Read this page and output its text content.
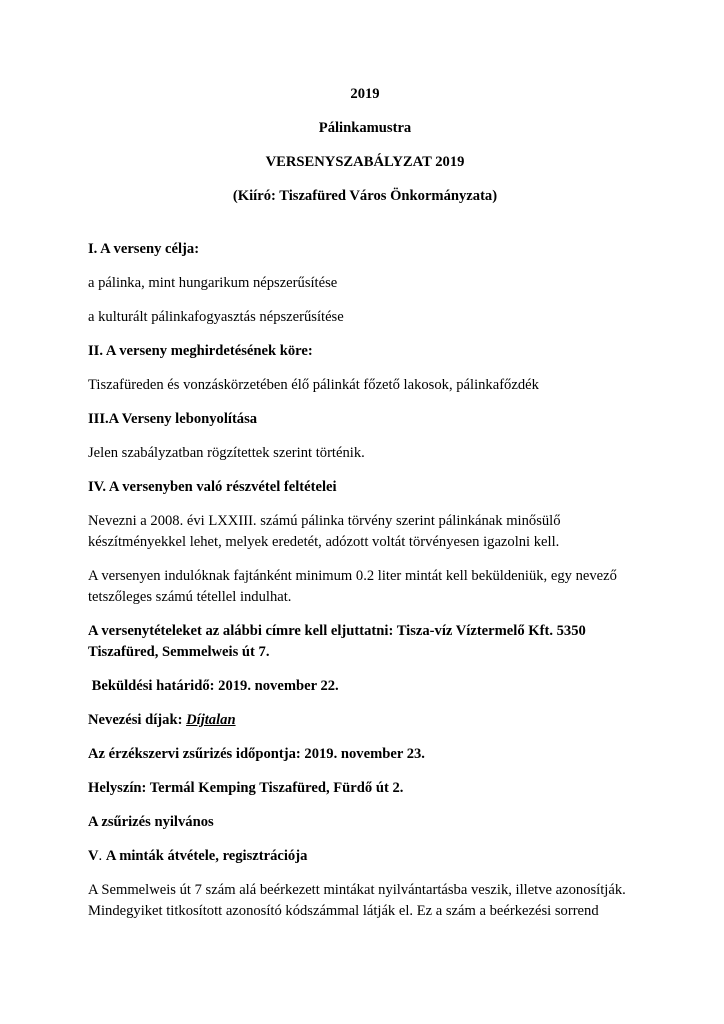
2019

Pálinkamustra

VERSENYSZABÁLYZAT 2019

(Kiíró: Tiszafüred Város Önkormányzata)

I. A verseny célja:

a pálinka, mint hungarikum népszerűsítése

a kulturált pálinkafogyasztás népszerűsítése

II. A verseny meghirdetésének köre:

Tiszafüreden és vonzáskörzetében élő pálinkát főzető lakosok, pálinkafőzdék

III.A Verseny lebonyolítása

Jelen szabályzatban rögzítettek szerint történik.

IV. A versenyben való részvétel feltételei

Nevezni a 2008. évi LXXIII. számú pálinka törvény szerint pálinkának minősülő készítményekkel lehet, melyek eredetét, adózott voltát törvényesen igazolni kell.

A versenyen indulóknak fajtánként minimum 0.2 liter mintát kell beküldeniük, egy nevező tetszőleges számú tétellel indulhat.

A versenytételeket az alábbi címre kell eljuttatni: Tisza-víz Víztermelő Kft. 5350 Tiszafüred, Semmelweis út 7.

Beküldési határidő: 2019. november 22.

Nevezési díjak: Díjtalan

Az érzékszervi zsűrizés időpontja: 2019. november 23.

Helyszín: Termál Kemping Tiszafüred, Fürdő út 2.

A zsűrizés nyilvános

V. A minták átvétele, regisztrációja

A Semmelweis út 7 szám alá beérkezett mintákat nyilvántartásba veszik, illetve azonosítják. Mindegyiket titkosított azonosító kódszámmal látják el. Ez a szám a beérkezési sorrend
